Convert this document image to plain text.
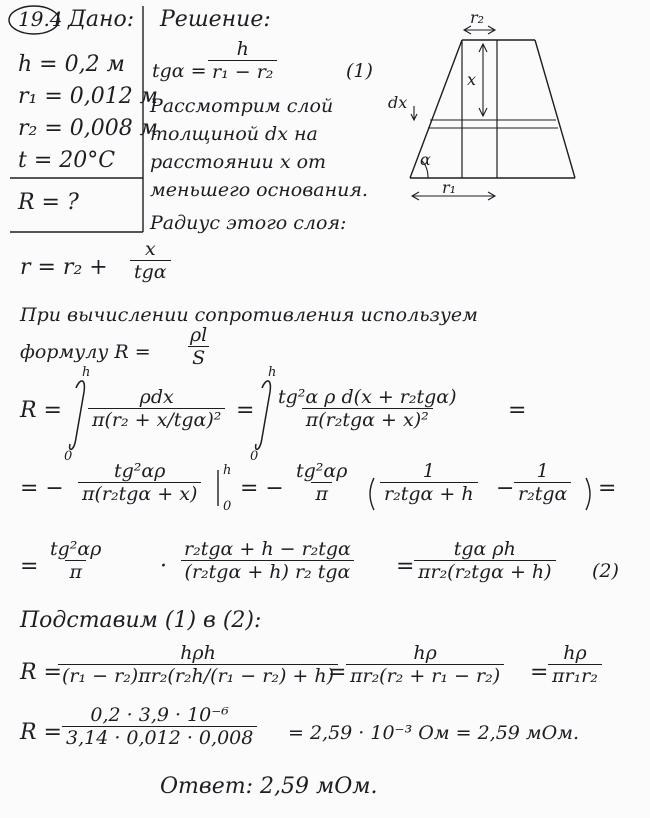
19.4 Дано:
h = 0,2 м
r₁ = 0,012 м
r₂ = 0,008 м
t = 20°C
R = ?
Решение:
$tg\alpha = \frac{h}{\text{r₁ − r₂}}$	(1)
Рассмотрим слой
толщиной dx на
расстоянии x от
меньшего основания.
Радиус этого слоя:
r₂
x
dx
α
r₁
r = r₂ +
x
tgα
При вычислении сопротивления используем
формулу $R = \frac{\rho l}{S}$
R =
h
0
ρdx
π(r₂ + x/tgα)² =
h
0
tg²α ρ d(x + r₂tgα)
π(r₂tgα + x)²	=
= −
tg²αρ
π(r₂tgα + x)
h
0
= − $\frac{\text{tg²αρ}}{\pi}$	1
r₂tgα + h −
1
r₂tgα =
= $\frac{\text{tg²αρ}}{\pi}$ ·
r₂tgα + h − r₂tgα
(r₂tgα + h) r₂ tgα =
tgα ρh
πr₂(r₂tgα + h) (2)
Подставим (1) в (2):
R =
hρh
(r₁ − r₂)πr₂(r₂h/(r₁ − r₂) + h)
= $\frac{h\rho}{\text{πr₂(r₂ + r₁ − r₂)}} = \frac{h\rho}{\text{πr₁r₂}}$
$R = \frac{\text{0,2 · 3,9 · 10⁻⁶}}{3,14 \cdot 0,012 \cdot 0,008} = 2,59 \cdot 10^{-3}$ Ом = 2,59 мОм.
Ответ: 2,59 мОм.
